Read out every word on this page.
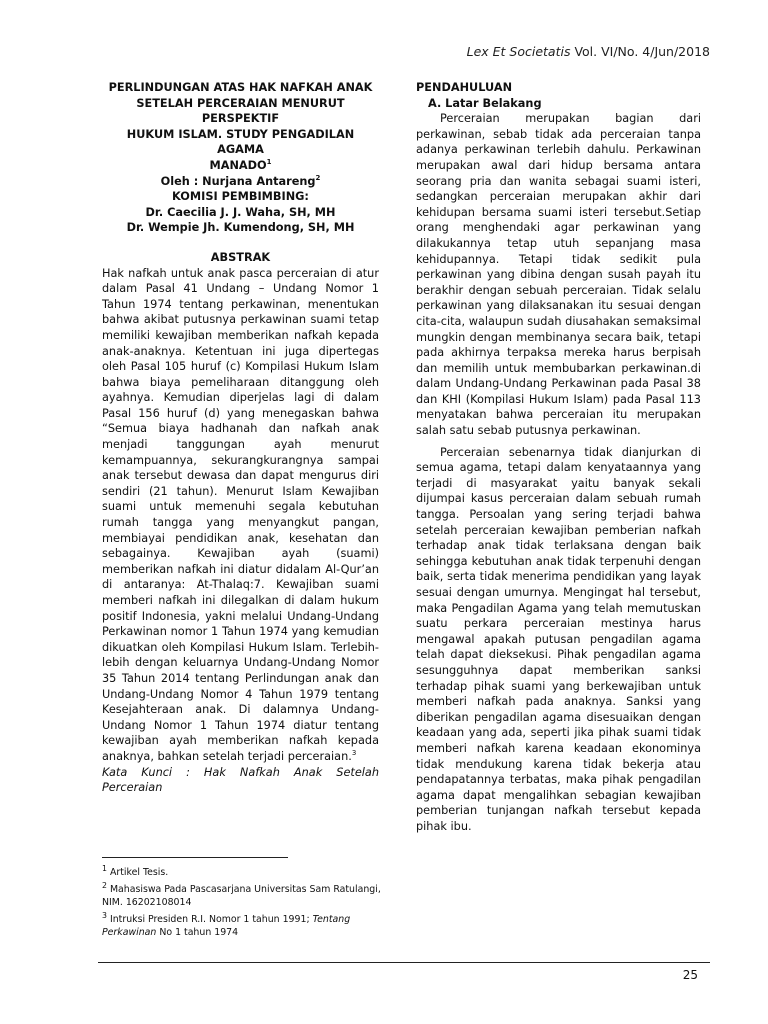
Lex Et Societatis Vol. VI/No. 4/Jun/2018
PERLINDUNGAN ATAS HAK NAFKAH ANAK
SETELAH PERCERAIAN MENURUT PERSPEKTIF
HUKUM ISLAM. STUDY PENGADILAN AGAMA
MANADO$^1$
Oleh : Nurjana Antareng$^2$
KOMISI PEMBIMBING:
Dr. Caecilia J. J. Waha, SH, MH
Dr. Wempie Jh. Kumendong, SH, MH
ABSTRAK

Hak nafkah untuk anak pasca perceraian di atur dalam Pasal 41 Undang – Undang Nomor 1 Tahun 1974 tentang perkawinan, menentukan bahwa akibat putusnya perkawinan suami tetap memiliki kewajiban memberikan nafkah kepada anak-anaknya. Ketentuan ini juga dipertegas oleh Pasal 105 huruf (c) Kompilasi Hukum Islam bahwa biaya pemeliharaan ditanggung oleh ayahnya. Kemudian diperjelas lagi di dalam Pasal 156 huruf (d) yang menegaskan bahwa “Semua biaya hadhanah dan nafkah anak menjadi tanggungan ayah menurut kemampuannya, sekurangkurangnya sampai anak tersebut dewasa dan dapat mengurus diri sendiri (21 tahun). Menurut Islam Kewajiban suami untuk memenuhi segala kebutuhan rumah tangga yang menyangkut pangan, membiayai pendidikan anak, kesehatan dan sebagainya. Kewajiban ayah (suami) memberikan nafkah ini diatur didalam Al-Qur’an di antaranya: At-Thalaq:7. Kewajiban suami memberi nafkah ini dilegalkan di dalam hukum positif Indonesia, yakni melalui Undang-Undang Perkawinan nomor 1 Tahun 1974 yang kemudian dikuatkan oleh Kompilasi Hukum Islam. Terlebih-lebih dengan keluarnya Undang-Undang Nomor 35 Tahun 2014 tentang Perlindungan anak dan Undang-Undang Nomor 4 Tahun 1979 tentang Kesejahteraan anak. Di dalamnya Undang-Undang Nomor 1 Tahun 1974 diatur tentang kewajiban ayah memberikan nafkah kepada anaknya, bahkan setelah terjadi perceraian.$^3$

Kata Kunci : Hak Nafkah Anak Setelah Perceraian

PENDAHULUAN
A. Latar Belakang

Perceraian merupakan bagian dari perkawinan, sebab tidak ada perceraian tanpa adanya perkawinan terlebih dahulu. Perkawinan merupakan awal dari hidup bersama antara seorang pria dan wanita sebagai suami isteri, sedangkan perceraian merupakan akhir dari kehidupan bersama suami isteri tersebut.Setiap orang menghendaki agar perkawinan yang dilakukannya tetap utuh sepanjang masa kehidupannya. Tetapi tidak sedikit pula perkawinan yang dibina dengan susah payah itu berakhir dengan sebuah perceraian. Tidak selalu perkawinan yang dilaksanakan itu sesuai dengan cita-cita, walaupun sudah diusahakan semaksimal mungkin dengan membinanya secara baik, tetapi pada akhirnya terpaksa mereka harus berpisah dan memilih untuk membubarkan perkawinan.di dalam Undang-Undang Perkawinan pada Pasal 38 dan KHI (Kompilasi Hukum Islam) pada Pasal 113 menyatakan bahwa perceraian itu merupakan salah satu sebab putusnya perkawinan.

Perceraian sebenarnya tidak dianjurkan di semua agama, tetapi dalam kenyataannya yang terjadi di masyarakat yaitu banyak sekali dijumpai kasus perceraian dalam sebuah rumah tangga. Persoalan yang sering terjadi bahwa setelah perceraian kewajiban pemberian nafkah terhadap anak tidak terlaksana dengan baik sehingga kebutuhan anak tidak terpenuhi dengan baik, serta tidak menerima pendidikan yang layak sesuai dengan umurnya. Mengingat hal tersebut, maka Pengadilan Agama yang telah memutuskan suatu perkara perceraian mestinya harus mengawal apakah putusan pengadilan agama telah dapat dieksekusi. Pihak pengadilan agama sesungguhnya dapat memberikan sanksi terhadap pihak suami yang berkewajiban untuk memberi nafkah pada anaknya. Sanksi yang diberikan pengadilan agama disesuaikan dengan keadaan yang ada, seperti jika pihak suami tidak memberi nafkah karena keadaan ekonominya tidak mendukung karena tidak bekerja atau pendapatannya terbatas, maka pihak pengadilan agama dapat mengalihkan sebagian kewajiban pemberian tunjangan nafkah tersebut kepada pihak ibu.

$^1$ Artikel Tesis.
$^2$ Mahasiswa Pada Pascasarjana Universitas Sam Ratulangi, NIM. 16202108014
$^3$ Intruksi Presiden R.I. Nomor 1 tahun 1991; Tentang Perkawinan No 1 tahun 1974
25
